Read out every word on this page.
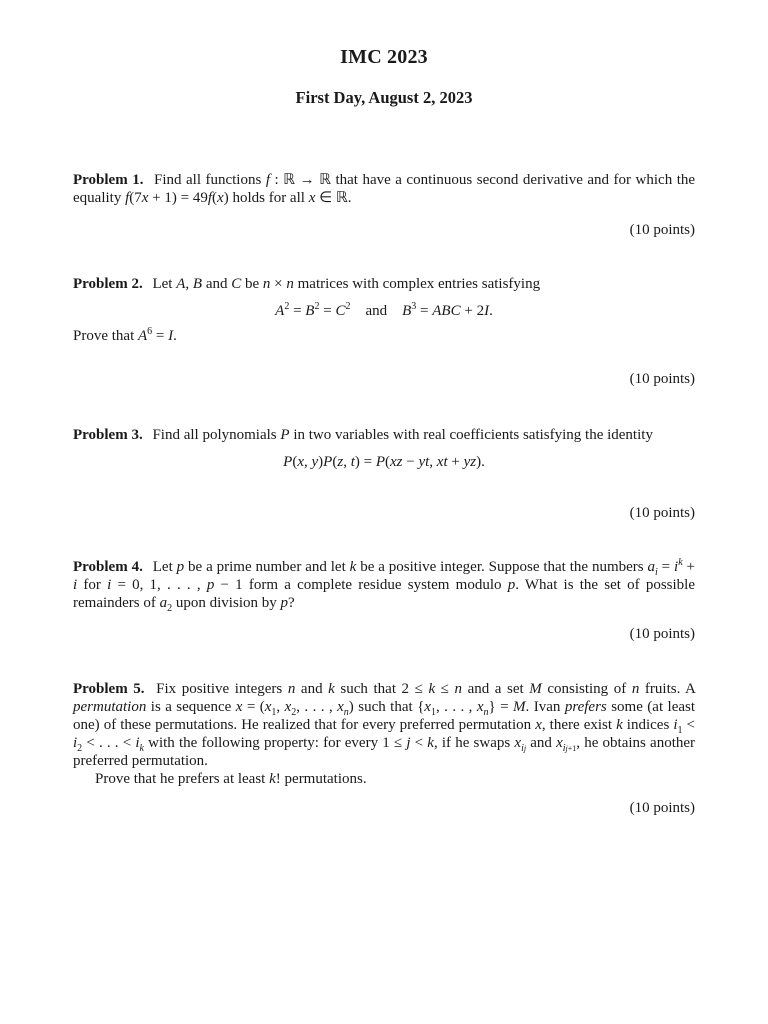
IMC 2023
First Day, August 2, 2023
Problem 1. Find all functions f : ℝ → ℝ that have a continuous second derivative and for which the equality f(7x + 1) = 49f(x) holds for all x ∈ ℝ.
(10 points)
Problem 2. Let A, B and C be n × n matrices with complex entries satisfying
$A^2 = B^2 = C^2$ and $B^3$ = ABC + 2I.
Prove that $A^6 = I$.
(10 points)
Problem 3. Find all polynomials P in two variables with real coefficients satisfying the identity
P(x, y)P(z, t) = P(xz − yt, xt + yz).
(10 points)
Problem 4. Let p be a prime number and let k be a positive integer. Suppose that the numbers $a_i = i^k + i$ for i = 0, 1, . . . , p − 1 form a complete residue system modulo p. What is the set of possible remainders of $a_2$ upon division by p?
(10 points)
Problem 5. Fix positive integers n and k such that 2 ≤ k ≤ n and a set M consisting of n fruits. A permutation is a sequence $x = (x_1$, $x_2$, . . . , $x_n$) such that {$x_1$, . . . , $x_n\} = M$. Ivan prefers some (at least one) of these permutations. He realized that for every preferred permutation x, there exist k indices $i_1 < i_2$ < . . . < $i_k$ with the following property: for every 1 ≤ j < k, if he swaps $x_{ij}$ and $x_{ij+1}$, he obtains another preferred permutation.
Prove that he prefers at least k! permutations.
(10 points)
